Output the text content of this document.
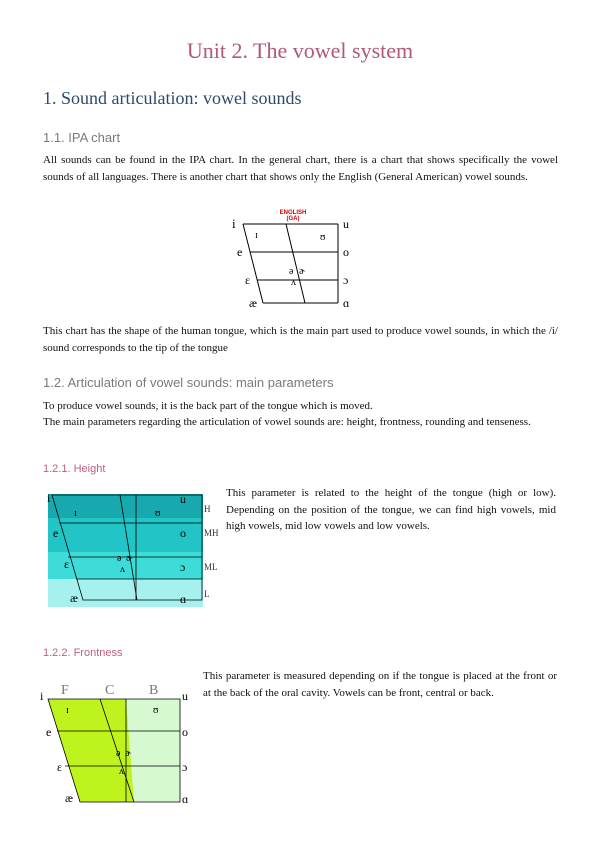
Unit 2. The vowel system
1. Sound articulation: vowel sounds
1.1. IPA chart
All sounds can be found in the IPA chart. In the general chart, there is a chart that shows specifically the vowel sounds of all languages. There is another chart that shows only the English (General American) vowel sounds.
ENGLISH
(GA)
i	u
ɪ	ʊ
e	o
ə ɚ
ɛ	ʌ	ɔ
æ	ɑ
This chart has the shape of the human tongue, which is the main part used to produce vowel sounds, in which the /i/ sound corresponds to the tip of the tongue
1.2. Articulation of vowel sounds: main parameters
To produce vowel sounds, it is the back part of the tongue which is moved.
The main parameters regarding the articulation of vowel sounds are: height, frontness, rounding and tenseness.
1.2.1. Height
i	u
ɪ	ʊ
e	o
ə ɚ
ɛ	ʌ	ɔ
æ	ɑ
H
MH
ML
L
This parameter is related to the height of the tongue (high or low). Depending on the position of the tongue, we can find high vowels, mid high vowels, mid low vowels and low vowels.
1.2.2. Frontness
F	C B
i	u
ɪ	ʊ
e	o
ə ɚ
ɛ	ʌ	ɔ
æ	ɑ
This parameter is measured depending on if the tongue is placed at the front or at the back of the oral cavity. Vowels can be front, central or back.
